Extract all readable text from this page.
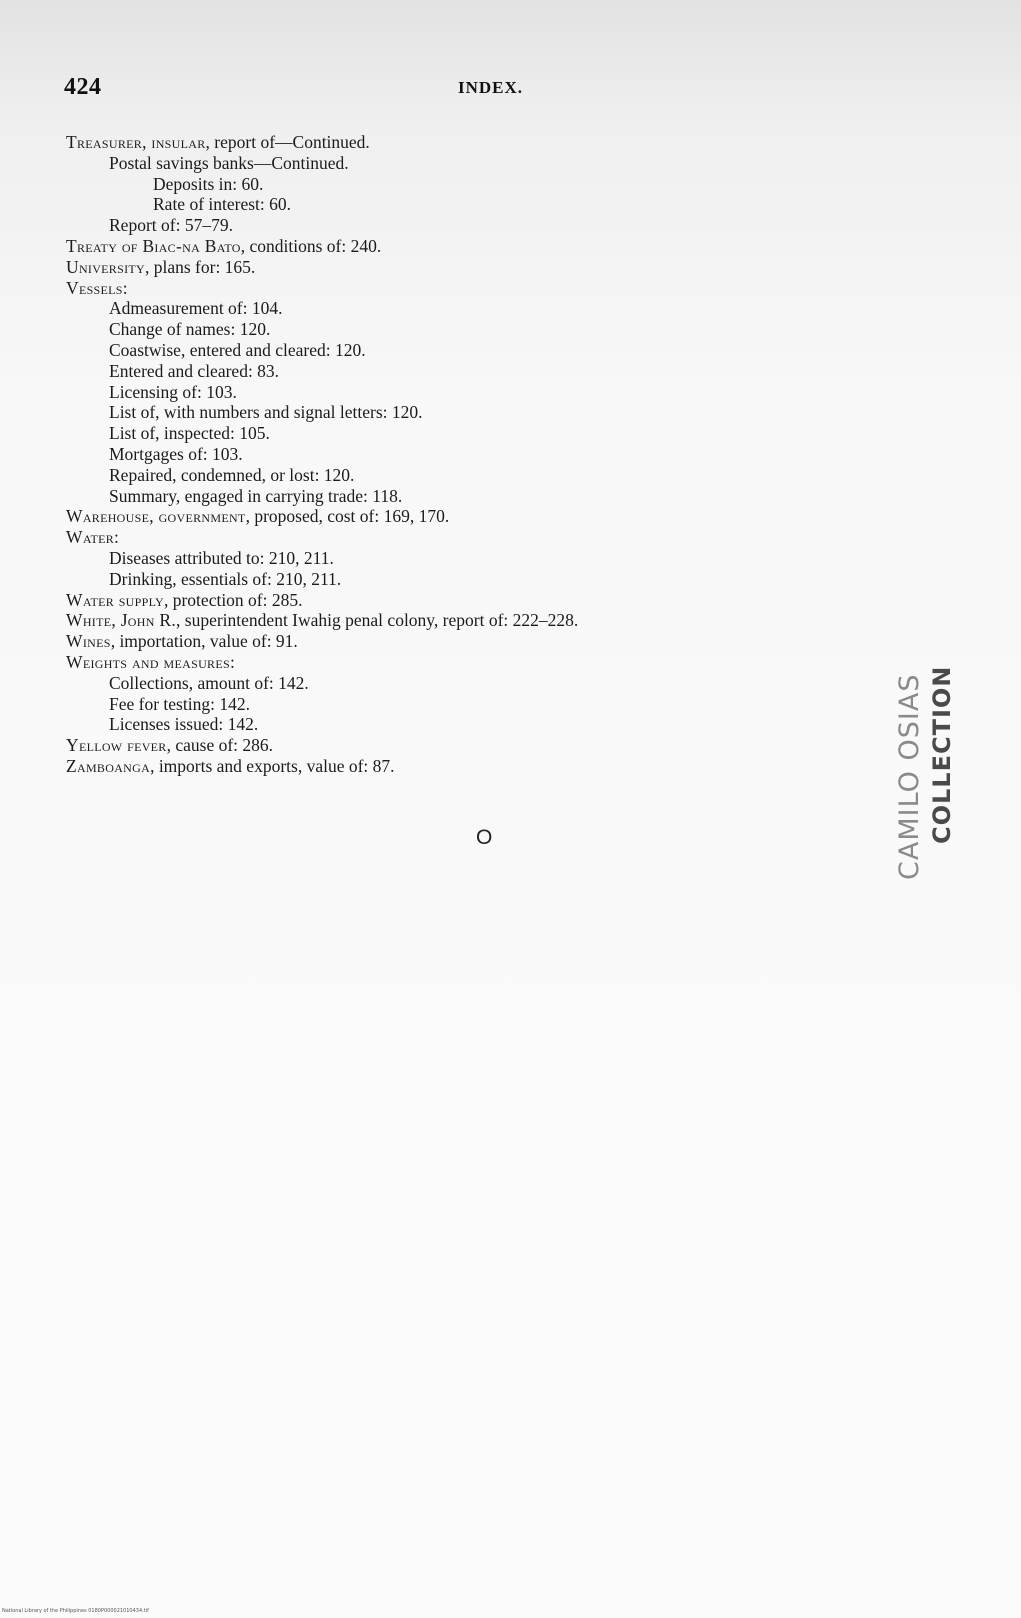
424	INDEX.
Treasurer, insular, report of—Continued.
Postal savings banks—Continued.
Deposits in: 60.
Rate of interest: 60.
Report of: 57–79.
Treaty of Biac-na Bato, conditions of: 240.
University, plans for: 165.
Vessels:
Admeasurement of: 104.
Change of names: 120.
Coastwise, entered and cleared: 120.
Entered and cleared: 83.
Licensing of: 103.
List of, with numbers and signal letters: 120.
List of, inspected: 105.
Mortgages of: 103.
Repaired, condemned, or lost: 120.
Summary, engaged in carrying trade: 118.
Warehouse, government, proposed, cost of: 169, 170.
Water:
Diseases attributed to: 210, 211.
Drinking, essentials of: 210, 211.
Water supply, protection of: 285.
White, John R., superintendent Iwahig penal colony, report of: 222–228.
Wines, importation, value of: 91.
Weights and measures:
Collections, amount of: 142.
Fee for testing: 142.
Licenses issued: 142.
Yellow fever, cause of: 286.
Zamboanga, imports and exports, value of: 87.
O	CAMILO OSIAS COLLECTION
National Library of the Philippines 0180P000021010434.tif
